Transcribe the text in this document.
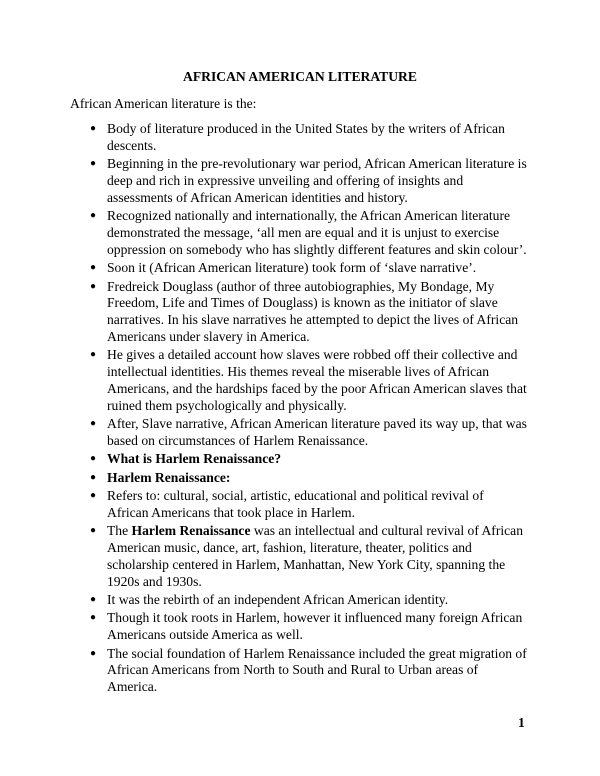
AFRICAN AMERICAN LITERATURE
African American literature is the:
● Body of literature produced in the United States by the writers of African descents.
● Beginning in the pre-revolutionary war period, African American literature is deep and rich in expressive unveiling and offering of insights and assessments of African American identities and history.
● Recognized nationally and internationally, the African American literature demonstrated the message, ‘all men are equal and it is unjust to exercise oppression on somebody who has slightly different features and skin colour’.
● Soon it (African American literature) took form of ‘slave narrative’.
● Fredreick Douglass (author of three autobiographies, My Bondage, My Freedom, Life and Times of Douglass) is known as the initiator of slave narratives. In his slave narratives he attempted to depict the lives of African Americans under slavery in America.
● He gives a detailed account how slaves were robbed off their collective and intellectual identities. His themes reveal the miserable lives of African Americans, and the hardships faced by the poor African American slaves that ruined them psychologically and physically.
● After, Slave narrative, African American literature paved its way up, that was based on circumstances of Harlem Renaissance.
● What is Harlem Renaissance?
● Harlem Renaissance:
● Refers to: cultural, social, artistic, educational and political revival of African Americans that took place in Harlem.
● The Harlem Renaissance was an intellectual and cultural revival of African American music, dance, art, fashion, literature, theater, politics and scholarship centered in Harlem, Manhattan, New York City, spanning the 1920s and 1930s.
● It was the rebirth of an independent African American identity.
● Though it took roots in Harlem, however it influenced many foreign African Americans outside America as well.
● The social foundation of Harlem Renaissance included the great migration of African Americans from North to South and Rural to Urban areas of America.
1
